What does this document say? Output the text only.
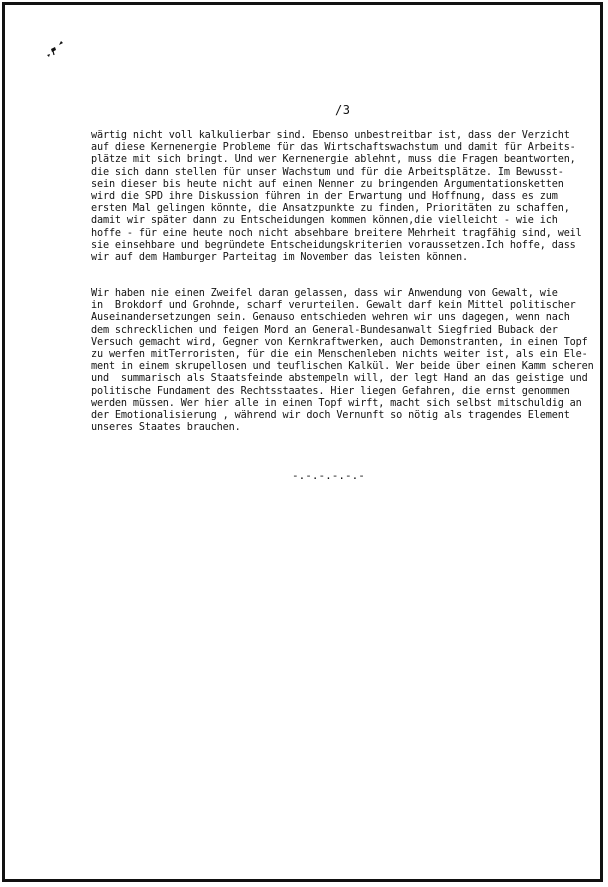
/3
wärtig nicht voll kalkulierbar sind. Ebenso unbestreitbar ist, dass der Verzicht
auf diese Kernenergie Probleme für das Wirtschaftswachstum und damit für Arbeits-
plätze mit sich bringt. Und wer Kernenergie ablehnt, muss die Fragen beantworten,
die sich dann stellen für unser Wachstum und für die Arbeitsplätze. Im Bewusst-
sein dieser bis heute nicht auf einen Nenner zu bringenden Argumentationsketten
wird die SPD ihre Diskussion führen in der Erwartung und Hoffnung, dass es zum
ersten Mal gelingen könnte, die Ansatzpunkte zu finden, Prioritäten zu schaffen,
damit wir später dann zu Entscheidungen kommen können,die vielleicht - wie ich
hoffe - für eine heute noch nicht absehbare breitere Mehrheit tragfähig sind, weil
sie einsehbare und begründete Entscheidungskriterien voraussetzen.Ich hoffe, dass
wir auf dem Hamburger Parteitag im November das leisten können.
Wir haben nie einen Zweifel daran gelassen, dass wir Anwendung von Gewalt, wie
in  Brokdorf und Grohnde, scharf verurteilen. Gewalt darf kein Mittel politischer
Auseinandersetzungen sein. Genauso entschieden wehren wir uns dagegen, wenn nach
dem schrecklichen und feigen Mord an General-Bundesanwalt Siegfried Buback der
Versuch gemacht wird, Gegner von Kernkraftwerken, auch Demonstranten, in einen Topf
zu werfen mitTerroristen, für die ein Menschenleben nichts weiter ist, als ein Ele-
ment in einem skrupellosen und teuflischen Kalkül. Wer beide über einen Kamm scheren
und  summarisch als Staatsfeinde abstempeln will, der legt Hand an das geistige und
politische Fundament des Rechtsstaates. Hier liegen Gefahren, die ernst genommen
werden müssen. Wer hier alle in einen Topf wirft, macht sich selbst mitschuldig an
der Emotionalisierung , während wir doch Vernunft so nötig als tragendes Element
unseres Staates brauchen.
-.-.-.-.-.-
